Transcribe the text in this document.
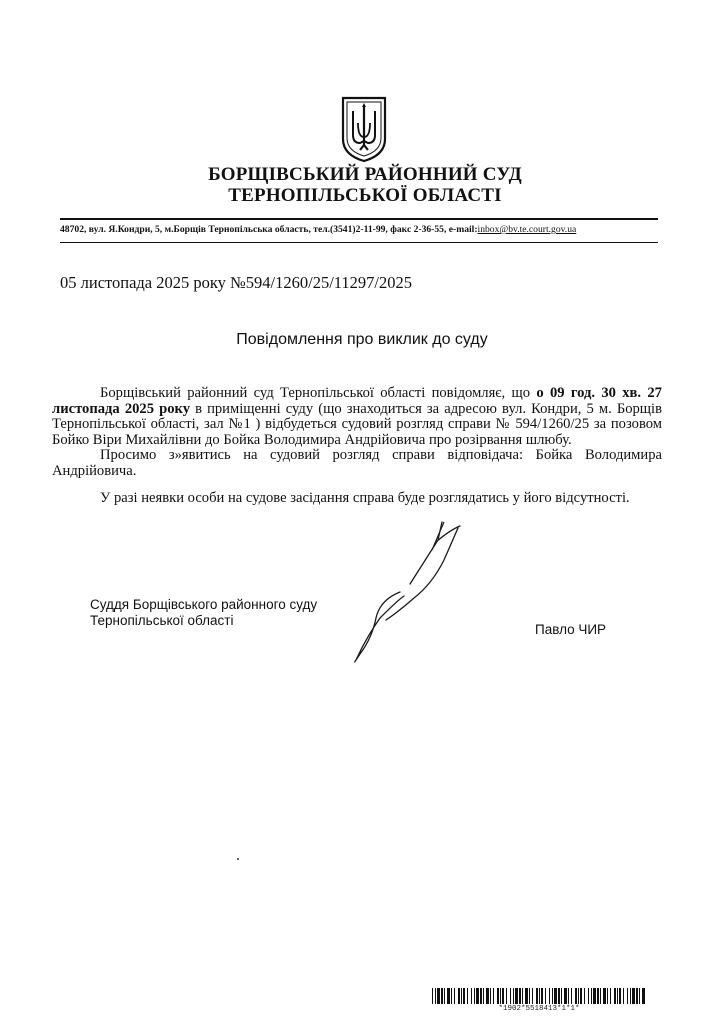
БОРЩІВСЬКИЙ РАЙОННИЙ СУД
ТЕРНОПІЛЬСЬКОЇ ОБЛАСТІ
48702, вул. Я.Кондри, 5, м.Борщів Тернопільська область, тел.(3541)2-11-99, факс 2-36-55, e-mail:inbox@bv.te.court.gov.ua
05 листопада 2025 року №594/1260/25/11297/2025
Повідомлення про виклик до суду

Борщівський районний суд Тернопільської області повідомляє, що о 09 год. 30 хв. 27 листопада 2025 року в приміщенні суду (що знаходиться за адресою вул. Кондри, 5 м. Борщів Тернопільської області, зал №1 ) відбудеться судовий розгляд справи № 594/1260/25 за позовом Бойко Віри Михайлівни до Бойка Володимира Андрійовича про розірвання шлюбу.

Просимо з»явитись на судовий розгляд справи відповідача: Бойка Володимира Андрійовича.

У разі неявки особи на судове засідання справа буде розглядатись у його відсутності.

Суддя Борщівського районного суду
Тернопільської області
Павло ЧИР
*1902*5518413*1*1*
